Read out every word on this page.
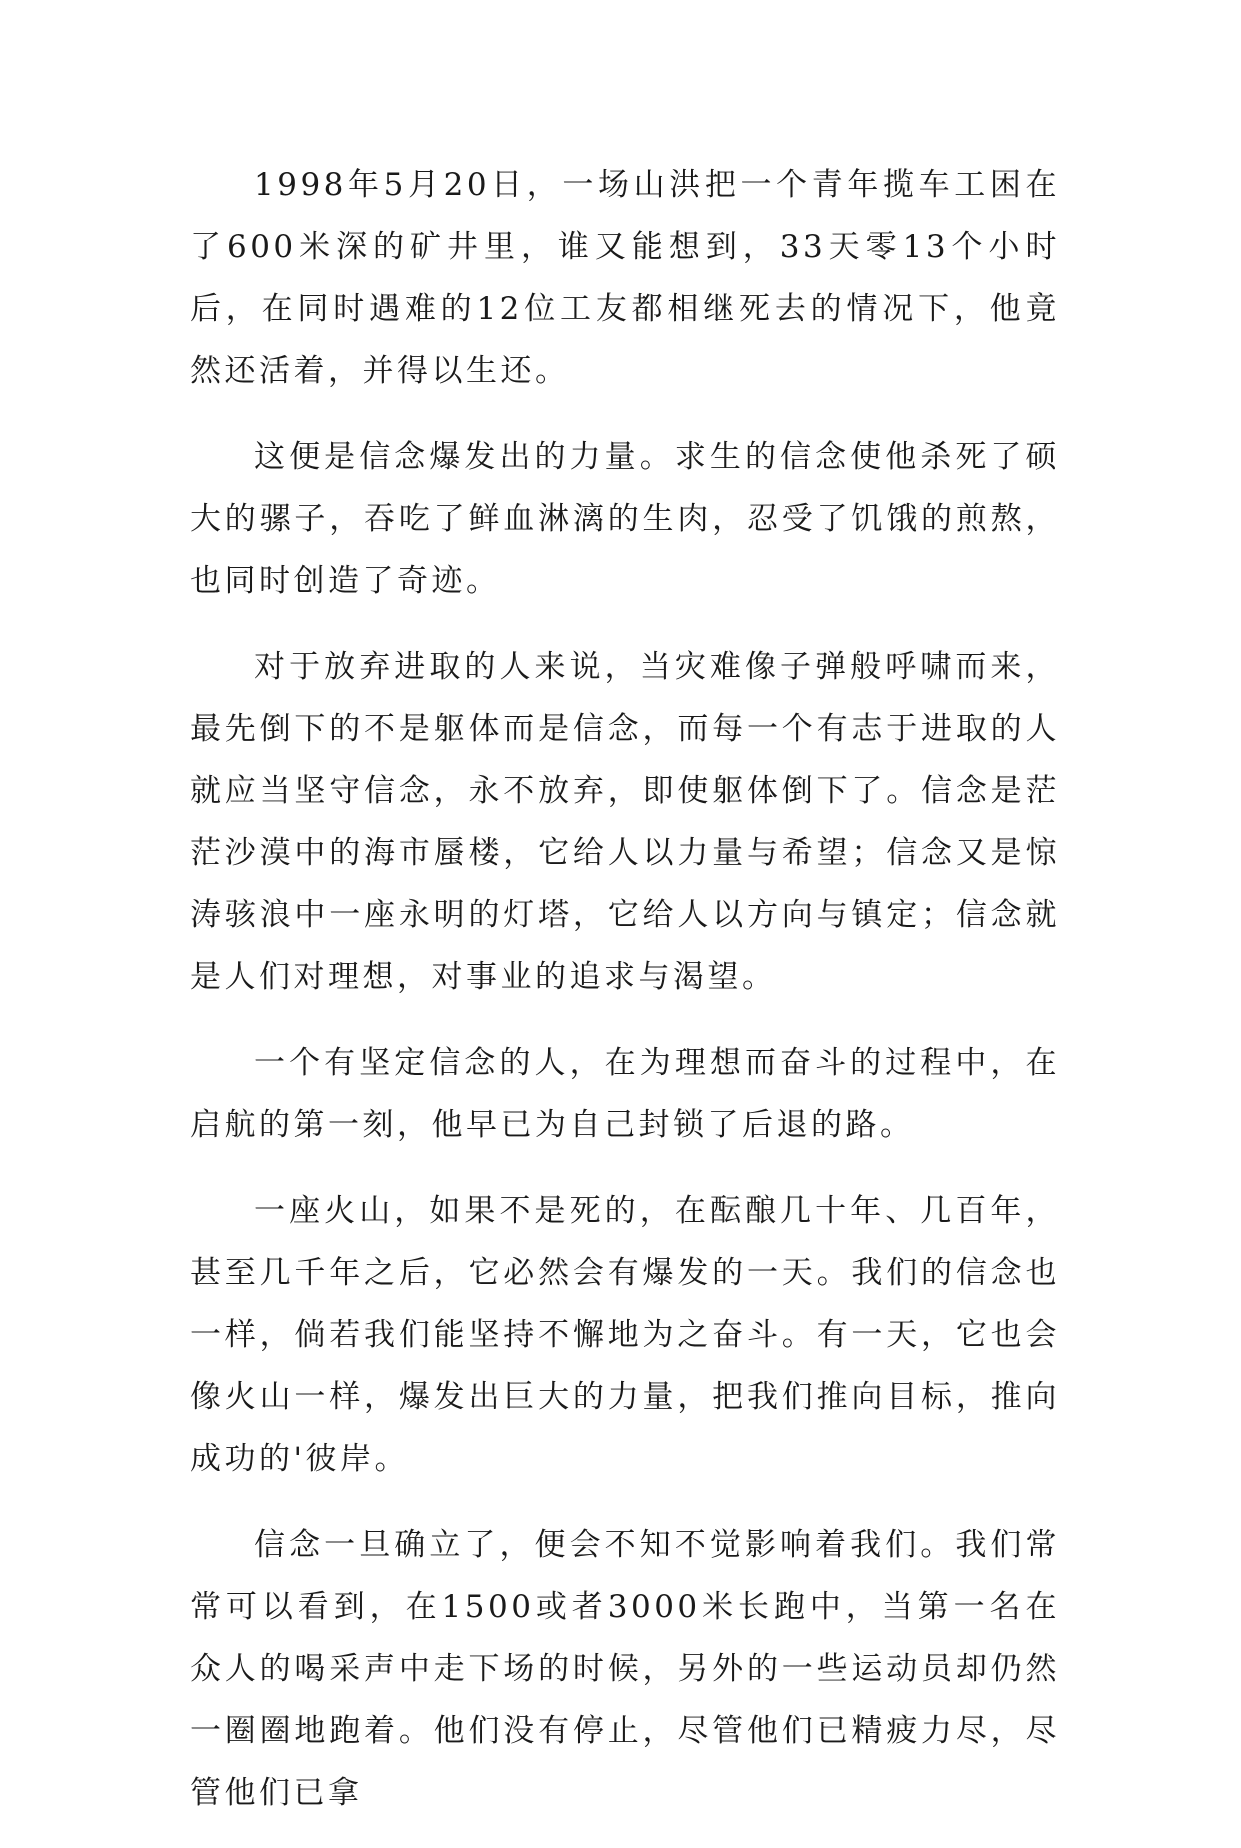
1998年5月20日，一场山洪把一个青年揽车工困在了600米深的矿井里，谁又能想到，33天零13个小时后，在同时遇难的12位工友都相继死去的情况下，他竟然还活着，并得以生还。

这便是信念爆发出的力量。求生的信念使他杀死了硕大的骡子，吞吃了鲜血淋漓的生肉，忍受了饥饿的煎熬，也同时创造了奇迹。

对于放弃进取的人来说，当灾难像子弹般呼啸而来，最先倒下的不是躯体而是信念，而每一个有志于进取的人就应当坚守信念，永不放弃，即使躯体倒下了。信念是茫茫沙漠中的海市蜃楼，它给人以力量与希望；信念又是惊涛骇浪中一座永明的灯塔，它给人以方向与镇定；信念就是人们对理想，对事业的追求与渴望。

一个有坚定信念的人，在为理想而奋斗的过程中，在启航的第一刻，他早已为自己封锁了后退的路。

一座火山，如果不是死的，在酝酿几十年、几百年，甚至几千年之后，它必然会有爆发的一天。我们的信念也一样，倘若我们能坚持不懈地为之奋斗。有一天，它也会像火山一样，爆发出巨大的力量，把我们推向目标，推向成功的'彼岸。

信念一旦确立了，便会不知不觉影响着我们。我们常常可以看到，在1500或者3000米长跑中，当第一名在众人的喝采声中走下场的时候，另外的一些运动员却仍然一圈圈地跑着。他们没有停止，尽管他们已精疲力尽，尽管他们已拿
